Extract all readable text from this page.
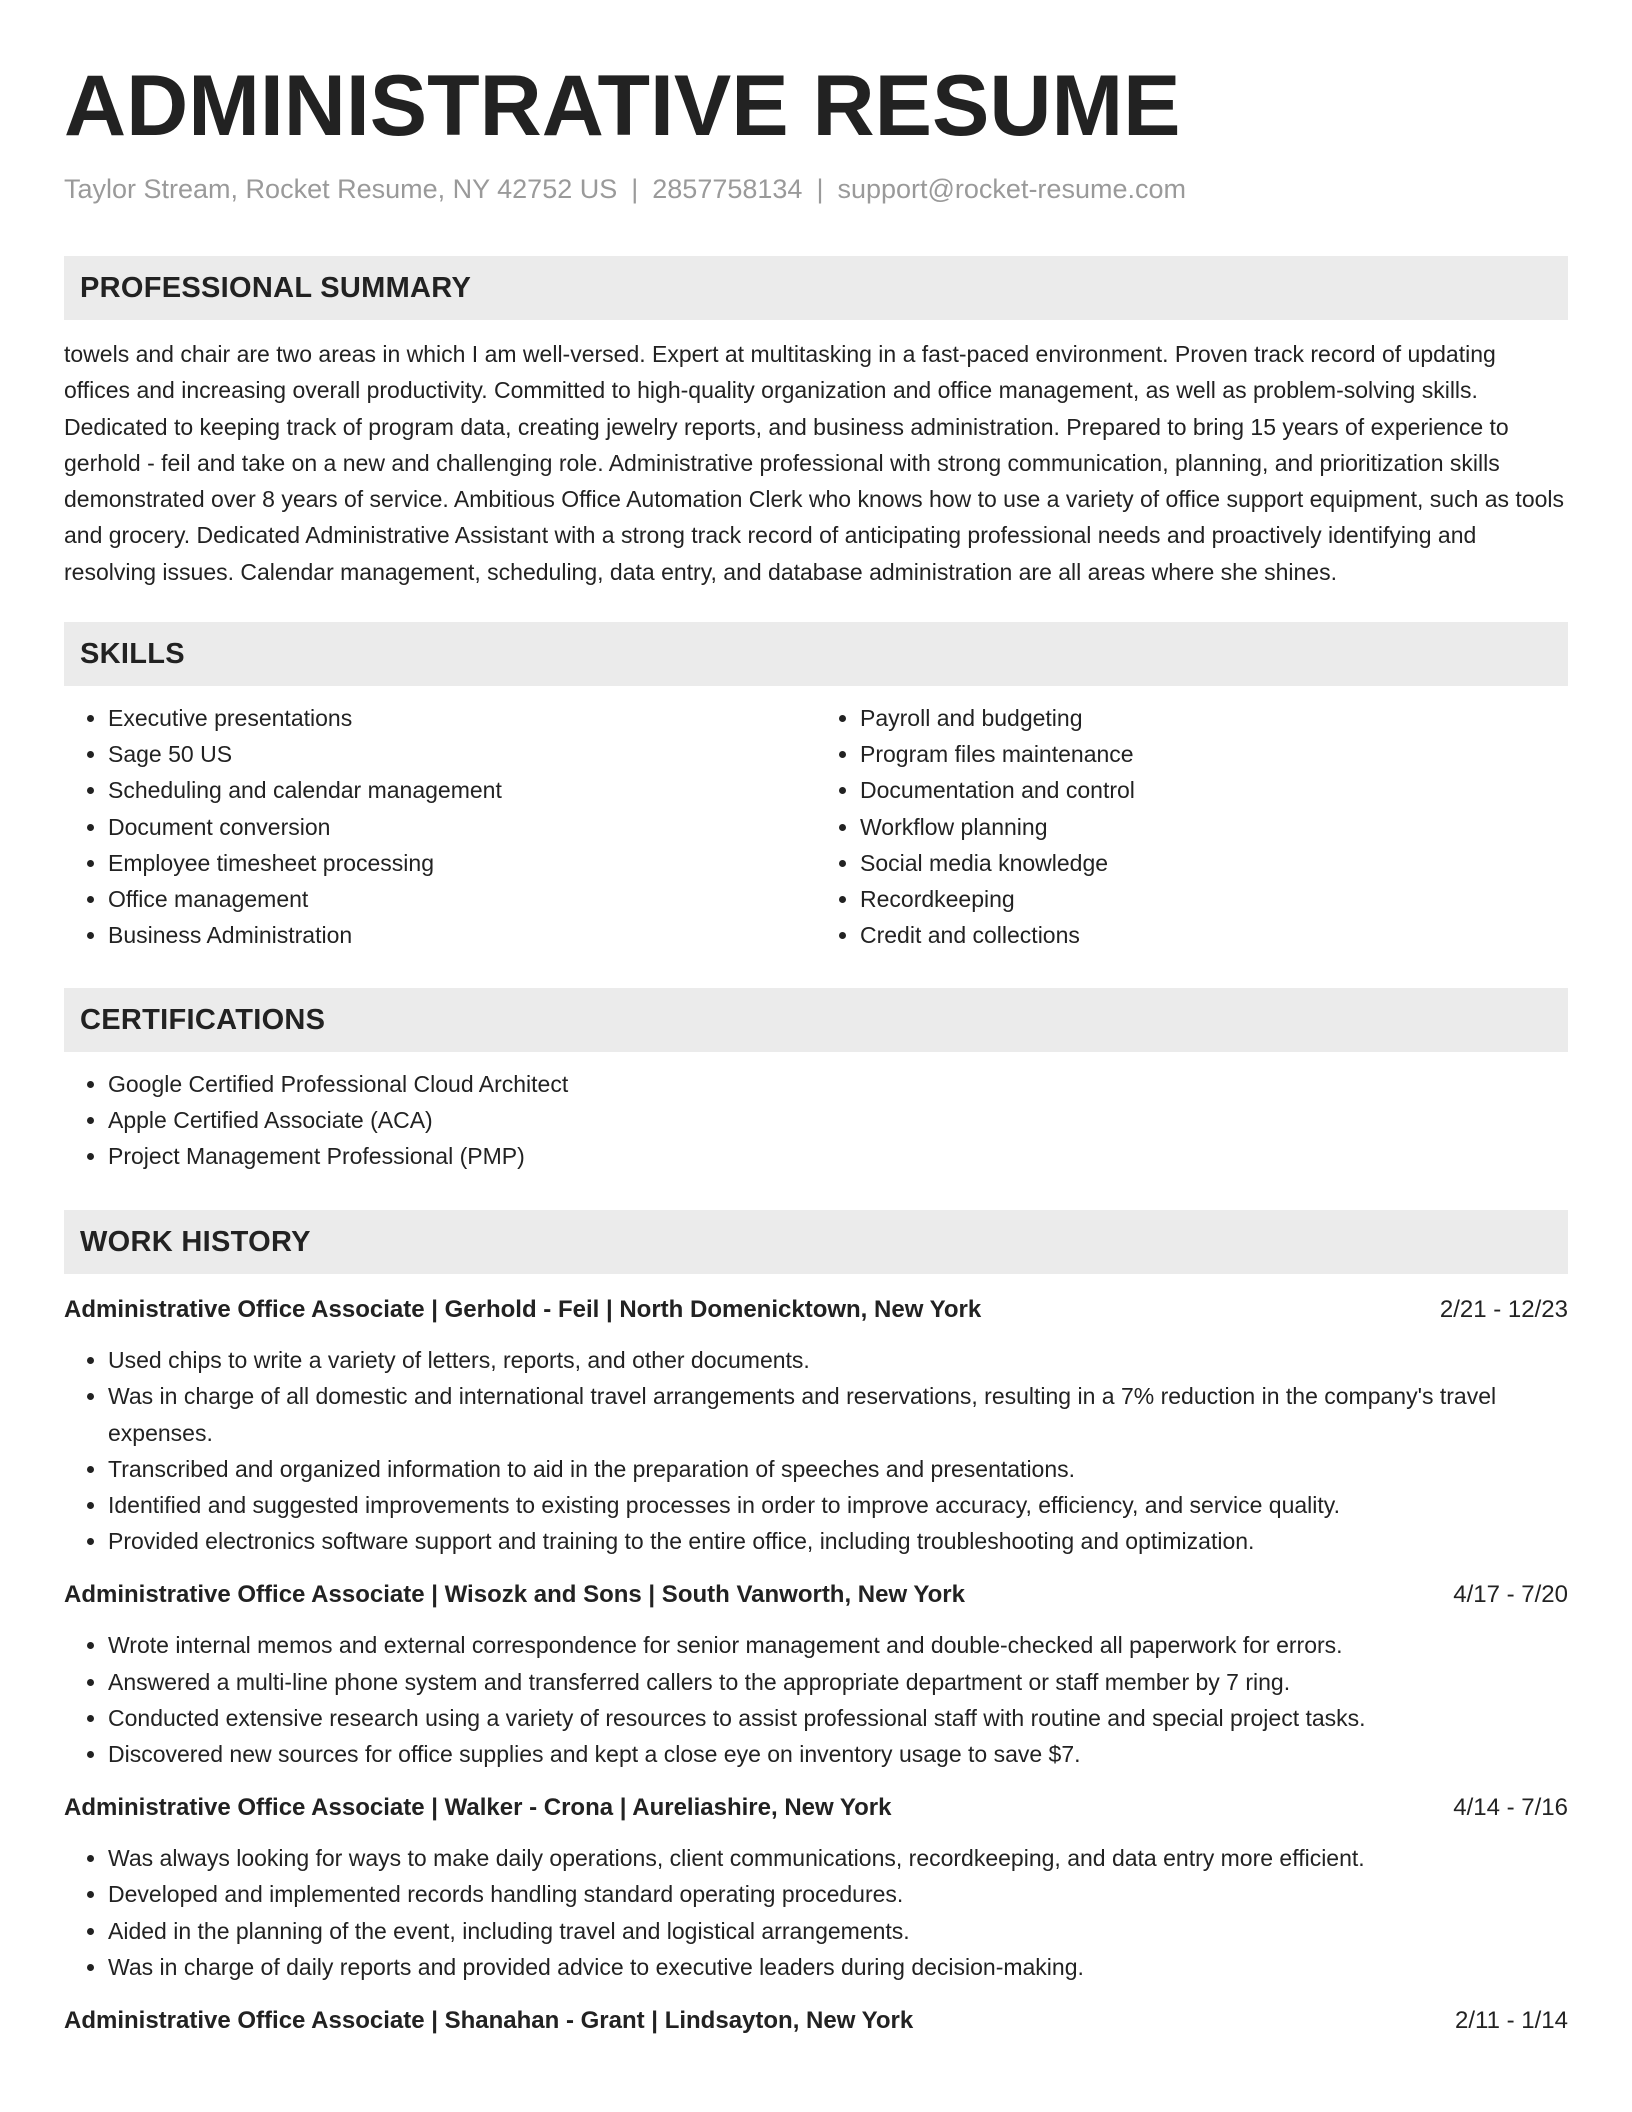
ADMINISTRATIVE RESUME
Taylor Stream, Rocket Resume, NY 42752 US | 2857758134 | support@rocket-resume.com
PROFESSIONAL SUMMARY
towels and chair are two areas in which I am well-versed. Expert at multitasking in a fast-paced environment. Proven track record of updating offices and increasing overall productivity. Committed to high-quality organization and office management, as well as problem-solving skills. Dedicated to keeping track of program data, creating jewelry reports, and business administration. Prepared to bring 15 years of experience to gerhold - feil and take on a new and challenging role. Administrative professional with strong communication, planning, and prioritization skills demonstrated over 8 years of service. Ambitious Office Automation Clerk who knows how to use a variety of office support equipment, such as tools and grocery. Dedicated Administrative Assistant with a strong track record of anticipating professional needs and proactively identifying and resolving issues. Calendar management, scheduling, data entry, and database administration are all areas where she shines.
SKILLS
• Executive presentations
• Sage 50 US
• Scheduling and calendar management
• Document conversion
• Employee timesheet processing
• Office management
• Business Administration
• Payroll and budgeting
• Program files maintenance
• Documentation and control
• Workflow planning
• Social media knowledge
• Recordkeeping
• Credit and collections
CERTIFICATIONS
• Google Certified Professional Cloud Architect
• Apple Certified Associate (ACA)
• Project Management Professional (PMP)
WORK HISTORY
Administrative Office Associate | Gerhold - Feil | North Domenicktown, New York	2/21 - 12/23
• Used chips to write a variety of letters, reports, and other documents.
• Was in charge of all domestic and international travel arrangements and reservations, resulting in a 7% reduction in the company's travel expenses.
• Transcribed and organized information to aid in the preparation of speeches and presentations.
• Identified and suggested improvements to existing processes in order to improve accuracy, efficiency, and service quality.
• Provided electronics software support and training to the entire office, including troubleshooting and optimization.
Administrative Office Associate | Wisozk and Sons | South Vanworth, New York	4/17 - 7/20
• Wrote internal memos and external correspondence for senior management and double-checked all paperwork for errors.
• Answered a multi-line phone system and transferred callers to the appropriate department or staff member by 7 ring.
• Conducted extensive research using a variety of resources to assist professional staff with routine and special project tasks.
• Discovered new sources for office supplies and kept a close eye on inventory usage to save $7.
Administrative Office Associate | Walker - Crona | Aureliashire, New York	4/14 - 7/16
• Was always looking for ways to make daily operations, client communications, recordkeeping, and data entry more efficient.
• Developed and implemented records handling standard operating procedures.
• Aided in the planning of the event, including travel and logistical arrangements.
• Was in charge of daily reports and provided advice to executive leaders during decision-making.
Administrative Office Associate | Shanahan - Grant | Lindsayton, New York	2/11 - 1/14
